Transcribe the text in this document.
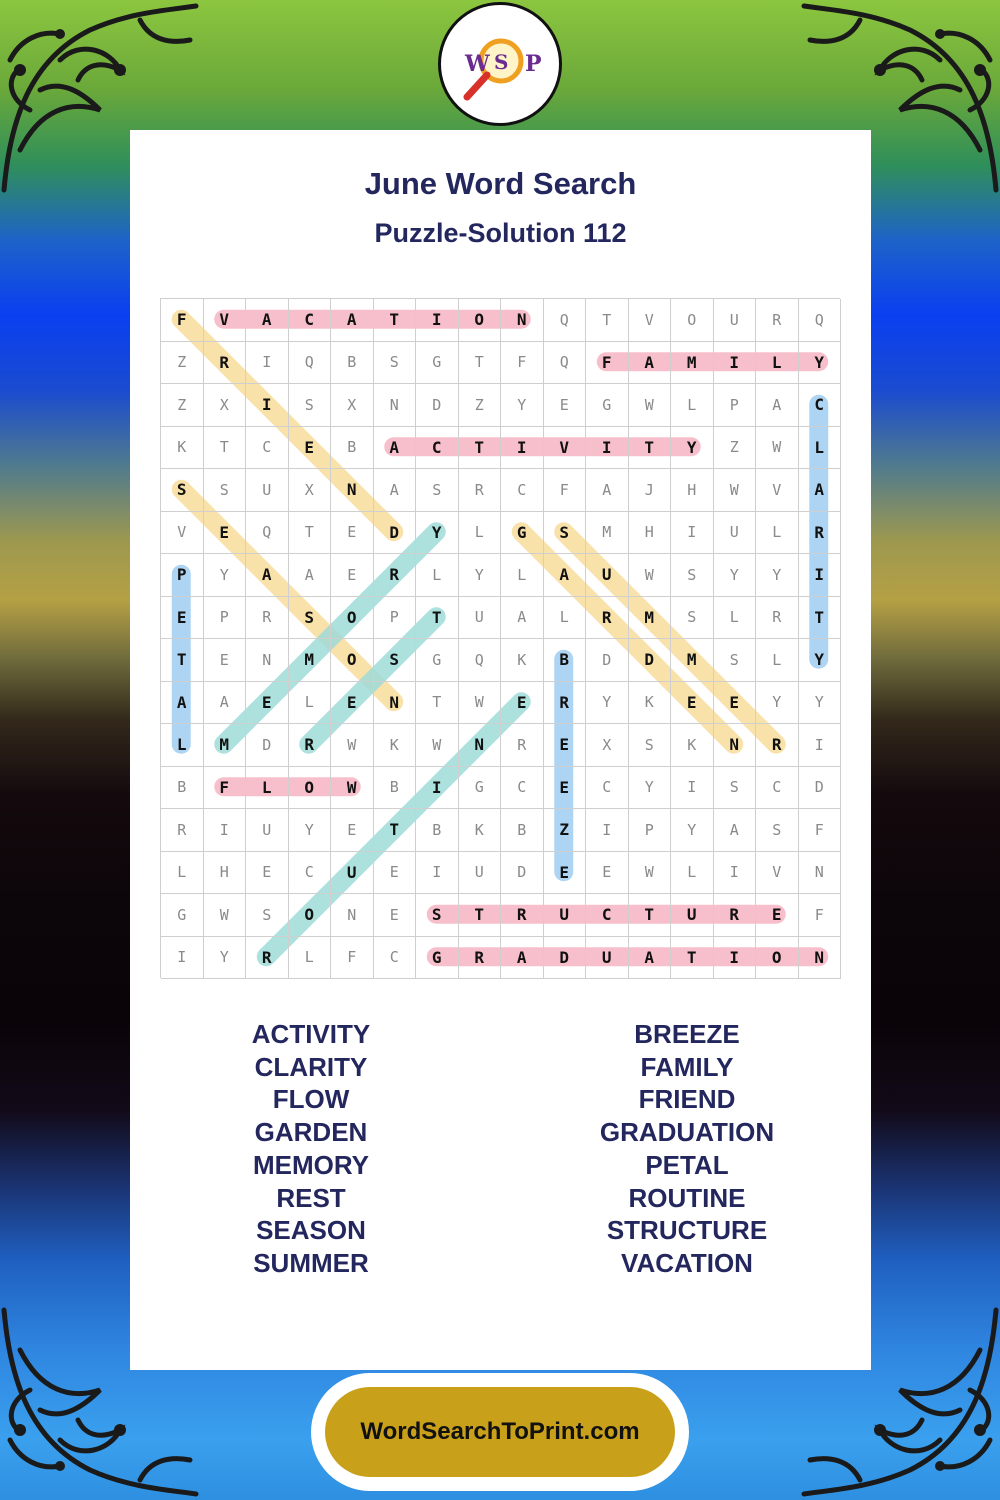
W S P
June Word Search
Puzzle-Solution 112
F	V	A	C	A	T	I	O	N	Q	T	V	O	U	R	Q
Z	R	I	Q	B	S	G	T	F	Q	F	A	M	I	L	Y
Z	X	I	S	X	N	D	Z	Y	E	G	W	L	P	A	C
K	T	C	E	B	A	C	T	I	V	I	T	Y	Z	W	L
S	S	U	X	N	A	S	R	C	F	A	J	H	W	V	A
V	E	Q	T	E	D	Y	L	G	S	M	H	I	U	L	R
P	Y	A	A	E	R	L	Y	L	A	U	W	S	Y	Y	I
E	P	R	S	O	P	T	U	A	L	R	M	S	L	R	T
T	E	N	M	O	S	G	Q	K	B	D	D	M	S	L	Y
A	A	E	L	E	N	T	W	E	R	Y	K	E	E	Y	Y
L	M	D	R	W	K	W	N	R	E	X	S	K	N	R	I
B	F	L	O	W	B	I	G	C	E	C	Y	I	S	C	D
R	I	U	Y	E	T	B	K	B	Z	I	P	Y	A	S	F
L	H	E	C	U	E	I	U	D	E	E	W	L	I	V	N
G	W	S	O	N	E	S	T	R	U	C	T	U	R	E	F
I	Y	R	L	F	C	G	R	A	D	U	A	T	I	O	N
ACTIVITY
CLARITY
FLOW
GARDEN
MEMORY
REST
SEASON
SUMMER
BREEZE
FAMILY
FRIEND
GRADUATION
PETAL
ROUTINE
STRUCTURE
VACATION
WordSearchToPrint.com
